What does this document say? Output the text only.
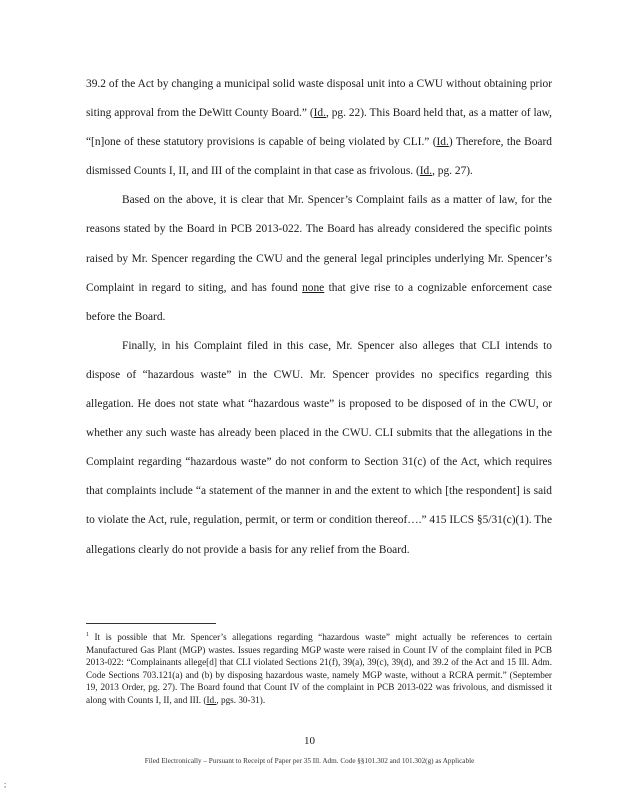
39.2 of the Act by changing a municipal solid waste disposal unit into a CWU without obtaining prior siting approval from the DeWitt County Board.” (Id., pg. 22). This Board held that, as a matter of law, “[n]one of these statutory provisions is capable of being violated by CLI.” (Id.) Therefore, the Board dismissed Counts I, II, and III of the complaint in that case as frivolous. (Id., pg. 27).

Based on the above, it is clear that Mr. Spencer’s Complaint fails as a matter of law, for the reasons stated by the Board in PCB 2013-022. The Board has already considered the specific points raised by Mr. Spencer regarding the CWU and the general legal principles underlying Mr. Spencer’s Complaint in regard to siting, and has found none that give rise to a cognizable enforcement case before the Board.

Finally, in his Complaint filed in this case, Mr. Spencer also alleges that CLI intends to dispose of “hazardous waste” in the CWU. Mr. Spencer provides no specifics regarding this allegation. He does not state what “hazardous waste” is proposed to be disposed of in the CWU, or whether any such waste has already been placed in the CWU. CLI submits that the allegations in the Complaint regarding “hazardous waste” do not conform to Section 31(c) of the Act, which requires that complaints include “a statement of the manner in and the extent to which [the respondent] is said to violate the Act, rule, regulation, permit, or term or condition thereof….” 415 ILCS §5/31(c)(1). The allegations clearly do not provide a basis for any relief from the Board.

$^1$ It is possible that Mr. Spencer’s allegations regarding “hazardous waste” might actually be references to certain Manufactured Gas Plant (MGP) wastes. Issues regarding MGP waste were raised in Count IV of the complaint filed in PCB 2013-022: “Complainants allege[d] that CLI violated Sections 21(f), 39(a), 39(c), 39(d), and 39.2 of the Act and 15 Ill. Adm. Code Sections 703.121(a) and (b) by disposing hazardous waste, namely MGP waste, without a RCRA permit.” (September 19, 2013 Order, pg. 27). The Board found that Count IV of the complaint in PCB 2013-022 was frivolous, and dismissed it along with Counts I, II, and III. (Id., pgs. 30-31).
10
Filed Electronically – Pursuant to Receipt of Paper per 35 Ill. Adm. Code §§101.302 and 101.302(g) as Applicable
;
